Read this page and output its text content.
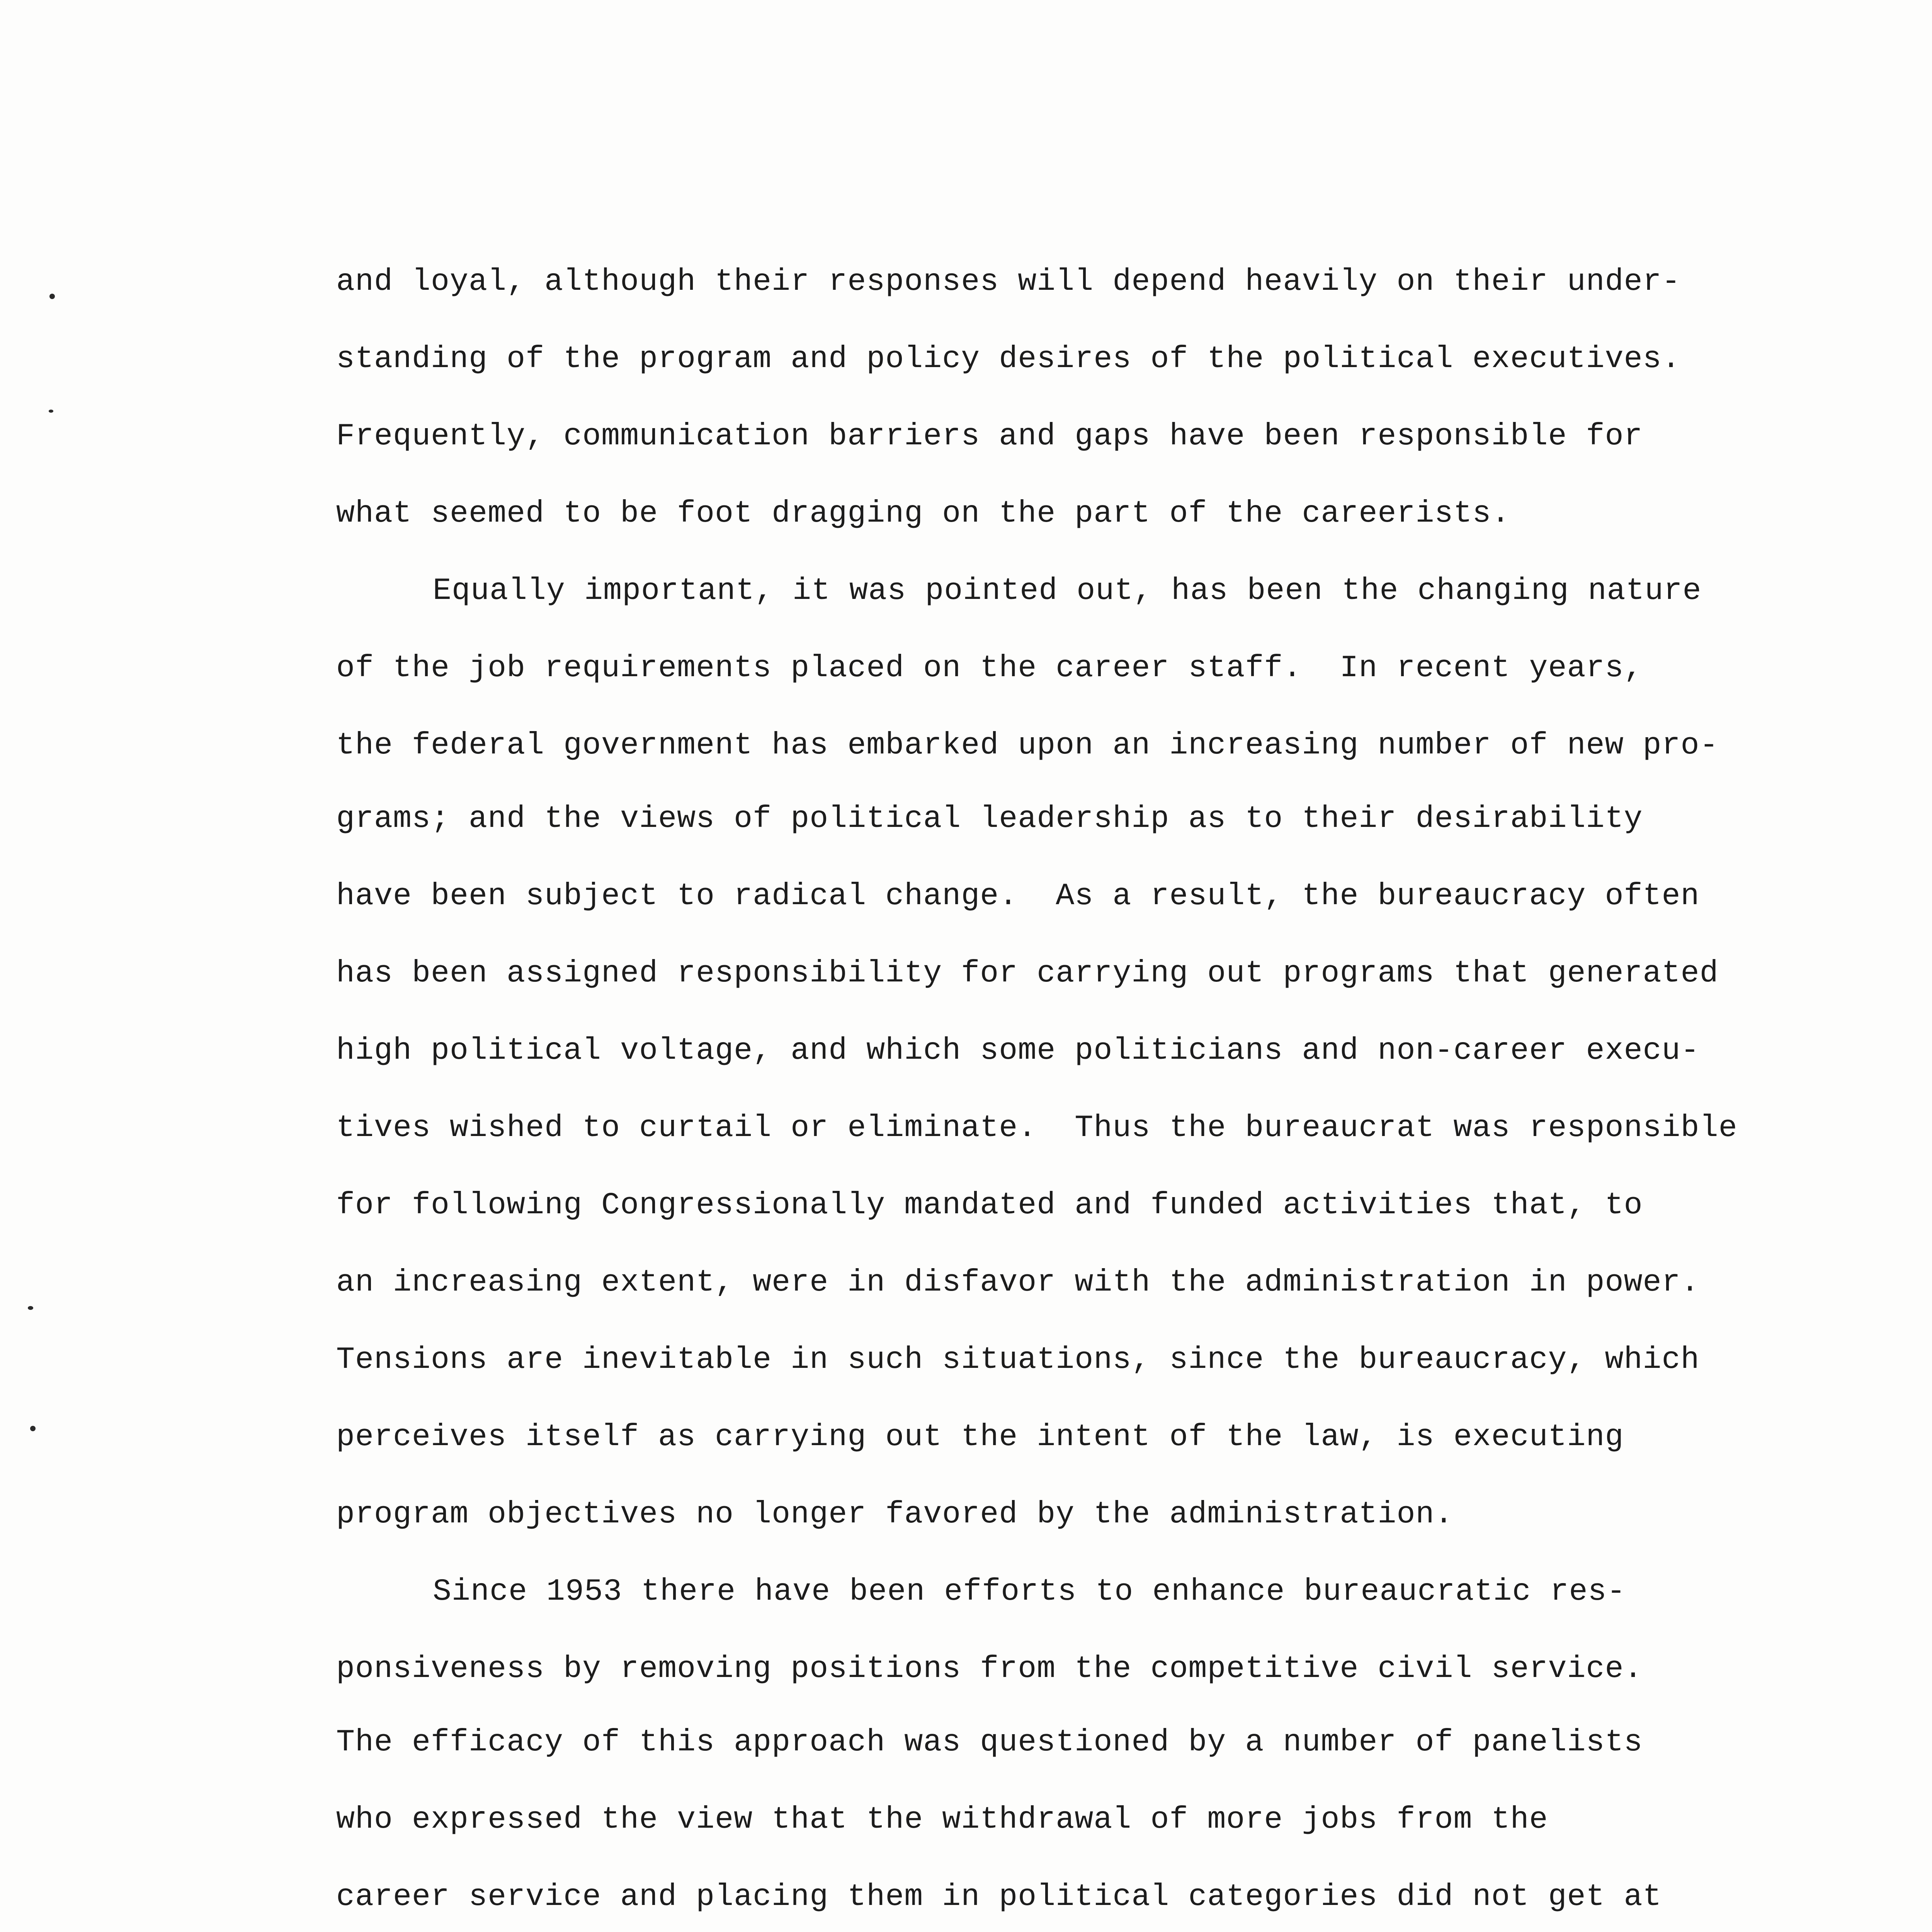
and loyal, although their responses will depend heavily on their under-
standing of the program and policy desires of the political executives.
Frequently, communication barriers and gaps have been responsible for
what seemed to be foot dragging on the part of the careerists.
Equally important, it was pointed out, has been the changing nature
of the job requirements placed on the career staff.  In recent years,
the federal government has embarked upon an increasing number of new pro-
grams; and the views of political leadership as to their desirability
have been subject to radical change.  As a result, the bureaucracy often
has been assigned responsibility for carrying out programs that generated
high political voltage, and which some politicians and non-career execu-
tives wished to curtail or eliminate.  Thus the bureaucrat was responsible
for following Congressionally mandated and funded activities that, to
an increasing extent, were in disfavor with the administration in power.
Tensions are inevitable in such situations, since the bureaucracy, which
perceives itself as carrying out the intent of the law, is executing
program objectives no longer favored by the administration.
Since 1953 there have been efforts to enhance bureaucratic res-
ponsiveness by removing positions from the competitive civil service.
The efficacy of this approach was questioned by a number of panelists
who expressed the view that the withdrawal of more jobs from the
career service and placing them in political categories did not get at
